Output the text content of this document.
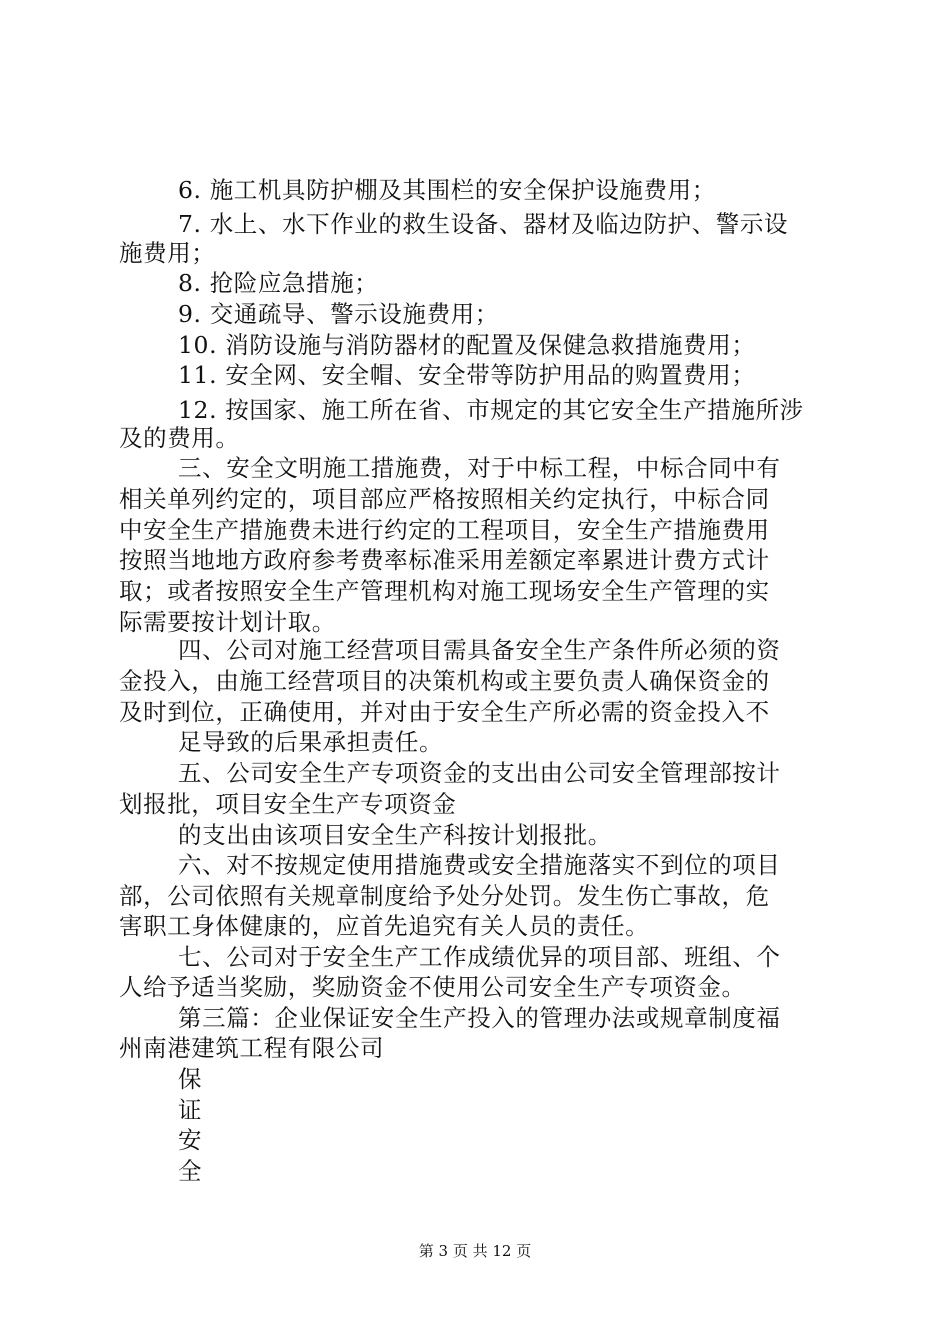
6. 施工机具防护棚及其围栏的安全保护设施费用；
7. 水上、水下作业的救生设备、器材及临边防护、警示设
施费用；
8. 抢险应急措施；
9. 交通疏导、警示设施费用；
10. 消防设施与消防器材的配置及保健急救措施费用；
11. 安全网、安全帽、安全带等防护用品的购置费用；
12. 按国家、施工所在省、市规定的其它安全生产措施所涉
及的费用。
三、安全文明施工措施费，对于中标工程，中标合同中有
相关单列约定的，项目部应严格按照相关约定执行，中标合同
中安全生产措施费未进行约定的工程项目，安全生产措施费用
按照当地地方政府参考费率标准采用差额定率累进计费方式计
取；或者按照安全生产管理机构对施工现场安全生产管理的实
际需要按计划计取。
四、公司对施工经营项目需具备安全生产条件所必须的资
金投入，由施工经营项目的决策机构或主要负责人确保资金的
及时到位，正确使用，并对由于安全生产所必需的资金投入不
足导致的后果承担责任。
五、公司安全生产专项资金的支出由公司安全管理部按计
划报批，项目安全生产专项资金
的支出由该项目安全生产科按计划报批。
六、对不按规定使用措施费或安全措施落实不到位的项目
部，公司依照有关规章制度给予处分处罚。发生伤亡事故，危
害职工身体健康的，应首先追究有关人员的责任。
七、公司对于安全生产工作成绩优异的项目部、班组、个
人给予适当奖励，奖励资金不使用公司安全生产专项资金。
第三篇：企业保证安全生产投入的管理办法或规章制度福
州南港建筑工程有限公司
保
证
安
全
第 3 页 共 12 页
